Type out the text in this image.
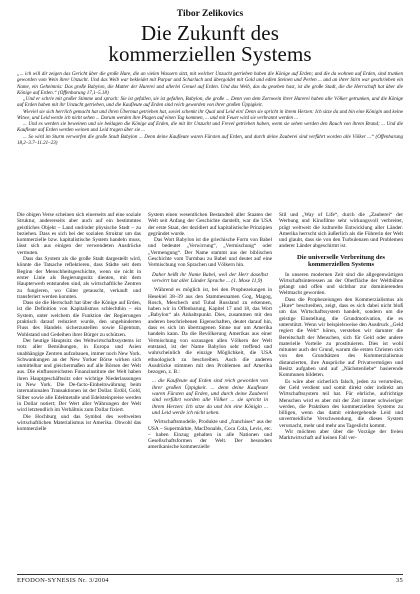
Tibor Zelikovics
Die Zukunft des
kommerziellen Systems

„... ich will dir zeigen das Gericht über die große Hure, die an vielen Wassern sitzt, mit welcher Unzucht getrieben haben die Könige auf Erden; und die da wohnen auf Erden, sind trunken geworden vom Wein ihrer Unzucht. Und das Weib war bekleidet mit Purpur und Scharlach und übergoldet mit Gold und edlen Steinen und Perlen ... und an ihrer Stirn war geschrieben ein Name, ein Geheimnis: Das große Babylon, die Mutter der Hurerei und allerlei Greuel auf Erden. Und das Weib, das du gesehen hast, ist die große Stadt, die die Herrschaft hat über die Könige auf Erden.“ (Offenbarung 17,1–5.18)

„Und er schrie mit großer Stimme und sprach: Sie ist gefallen, sie ist gefallen, Babylon, die große ... Denn von dem Zornwein ihrer Hurerei haben alle Völker getrunken, und die Könige auf Erden haben mit ihr Unzucht getrieben, und die Kaufleute auf Erden sind reich geworden von ihrer großen Üppigkeit.

Wieviel sie sich herrlich gemacht hat und ihren Übermut getrieben hat, soviel schenkt ihr Qual und Leid ein! Denn sie spricht in ihrem Herzen: Ich sitze da und bin eine Königin und keine Witwe, und Leid werde ich nicht sehen ... Darum werden ihre Plagen auf einen Tag kommen, ... und mit Feuer wird sie verbrannt werden ...

... Und es werden sie beweinen und sie beklagen die Könige auf Erden, die mit ihr Unzucht und Frevel getrieben haben, wenn sie sehen werden den Rauch von ihrem Brand; ... Und die Kaufleute auf Erden werden weinen und Leid tragen über sie ...

... So wird im Sturm verworfen die große Stadt Babylon ... Denn deine Kaufleute waren Fürsten auf Erden, und durch deine Zauberei sind verführt worden alle Völker ...“ (Offenbarung 18,2–3.7–11.21–23)

Die obigen Verse scheinen sich einerseits auf eine soziale Struktur, andererseits aber auch auf ein bestimmtes geistliches Objekt – Land und/oder physische Stadt – zu beziehen. Dass es sich bei der sozialen Struktur um das kommerzielle bzw. kapitalistische System handeln muss, lässt sich aus einigen der verwendeten Ausdrücke vermuten.

Dass das System als die große Stadt dargestellt wird, könnte die Tatsache reflektieren, dass Städte seit dem Beginn der Menschheitsgeschichte, wenn sie nicht in erster Linie als Regierungssitz dienten, mit dem Haupterwerb entstanden sind, als wirtschaftliche Zentren zu fungieren, wo Güter getauscht, verkauft und transferiert werden konnten.

Dass sie die Herrschaft hat über die Könige auf Erden, ist die Definition von Kapitalismus schlechthin – ein System, unter welchem die Funktion der Regierungen praktisch darauf reduziert wurde, den ungehinderten Fluss des Handels sicherzustellen sowie Eigentum, Wohlstand und Gedeihen ihrer Bürger zu schützen.

Der heutige Hauptsitz des Weltwirtschaftssystems ist trotz aller Bemühungen, in Europa und Asien unabhängige Zentren aufzubauen, immer noch New York. Schwankungen an der New Yorker Börse wirken sich unmittelbar und gleichermaßen auf alle Börsen der Welt aus. Die einflussreichsten Finanzinstitute der Welt haben ihren Hauptgeschäftssitz oder wichtige Niederlassungen in New York. Die De-facto-Einheitswährung beim internationalen Transaktionen ist der Dollar. Erdöl, Gold, Silber sowie alle Edelmetalle und Edelsteinpreise werden in Dollar notiert; Der Wert aller Währungen der Welt wird letztendlich im Verhältnis zum Dollar fixiert.

Die Hochburg und das Symbol des weltweiten wirtschaftlichen Materialismus ist Amerika. Obwohl das kommerzielle

System einen wesentlichen Bestandteil aller Staaten der Welt seit Anfang der Geschichte darstellt, war die USA der erste Staat, der dezidiert auf kapitalistische Prinzipien gegründet wurde.

Das Wort Babylon ist die griechische Form von Babel und bedeutet „Verwirrung“, „Vermischung“ oder „Vermengung“. Der Name stammt aus der biblischen Geschichte vom Turmbau zu Babel und deutet auf eine Vermischung von Sprachen und Völkern hin.

Daher heißt ihr Name Babel, weil der Herr daselbst verwirrt hat aller Länder Sprache ... (1. Mose 11,9)

Während es möglich ist, bei den Prophezeiungen in Hesekiel 38–39 aus den Stammesnamen Gog, Magog, Rosch, Meschech und Tubal Russland zu erkennen, haben wir in Offenbarung, Kapitel 17 und 18, das Wort „Babylon“ als Anhaltspunkt. Dies, zusammen mit den anderen beschriebenen Eigenschaften, deutet darauf hin, dass es sich im übertragenen Sinne nur um Amerika handeln kann. Da die Bevölkerung Amerikas aus einer Vermischung von sozusagen allen Völkern der Welt entstand, ist der Name Babylon sehr treffend und wahrscheinlich die einzige Möglichkeit, die USA ethnologisch zu beschreiben. Auch die anderen Ausdrücke stimmen mit den Problemen auf Amerika bezogen, z. B.:

... die Kaufleute auf Erden sind reich geworden von ihrer großen Üppigkeit. ... denn deine Kaufleute waren Fürsten auf Erden, und durch deine Zauberei sind verführt worden alle Völker ... sie spricht in ihrem Herzen: Ich sitze da und bin eine Königin ... und Leid werde ich nicht sehen.

Wirtschaftsmodelle, Produkte und „franchises“ aus der USA – Supermärkte, MacDonalds, Coca Cola, Levis, etc. – haben Einzug gehalten in alle Nationen und Gesellschaftsformen der Welt. Der besonders amerikanische kommerzielle

Stil und „Way of Life“, durch die „Zauberei“ der Werbung und Kinofilme sehr wirkungsvoll verbreitet, prägt weltweit die kulturelle Entwicklung aller Länder. Amerika herrscht sich äußerlich als die Führerin der Welt und glaubt, dass sie von den Turbulenzen und Problemen anderer Länder abgeschirmt ist.

Die universelle Verbreitung des kommerziellen Systems

In unseren modernen Zeit sind die allgegenwärtigen Wirtschaftsinteressen an der Oberfläche der Weltbühne gelangt und offen und sichtbar zur dominierenden Weltmacht geworden.

Dass die Prophezeiungen den Kommerzialismus als „Hure“ beschreiben, zeigt, dass es sich dabei nicht bloß um das Wirtschaftssystem handelt, sondern um die geistige Einstellung, die Grundmotivation, die es unterstützt. Wenn wir beispielsweise den Ausdruck „Geld regiert die Welt“ hören, verstehen wir darunter die Bereitschaft der Menschen, sich für Geld oder andere materielle Vorteile zu prostituieren. Dies ist wohl mitunter auch der Grund, warum die ersten Christen sich von den Grundsätzen des Kommerzialismus distanzierten, ihre Ansprüche auf Privatvermögen und Besitz aufgaben und auf „Nächstenliebe“ basierende Kommunen bildeten.

Es wäre aber sicherlich falsch, jeden zu verurteilen, der Geld verdient und somit direkt oder indirekt am Wirtschaftssystem teil hat. Für ehrliche, aufrichtige Menschen wird es aber mit der Zeit immer schwieriger werden, die Praktiken des kommerziellen Systems zu billigen, wenn das damit einhergehende Leid und unvermeidliche Verschwendung, die dieses System verursacht, mehr und mehr ans Tageslicht kommt.

Wir möchten aber über die Vorzüge der freien Marktwirtschaft auf keinen Fall ver-

EFODON-SYNESIS Nr. 3/2004	35
